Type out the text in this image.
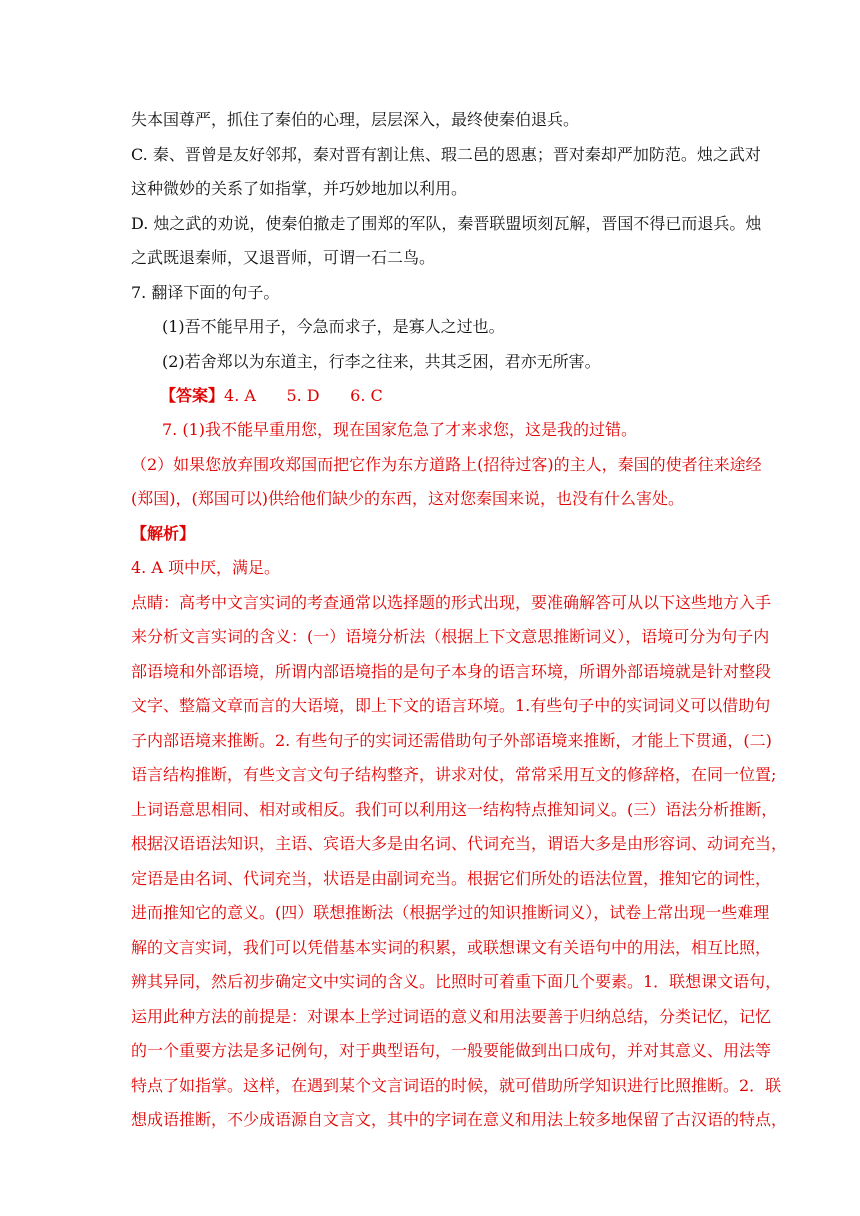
失本国尊严，抓住了秦伯的心理，层层深入，最终使秦伯退兵。
C. 秦、晋曾是友好邻邦，秦对晋有割让焦、瑕二邑的恩惠；晋对秦却严加防范。烛之武对
这种微妙的关系了如指掌，并巧妙地加以利用。
D. 烛之武的劝说，使秦伯撤走了围郑的军队，秦晋联盟顷刻瓦解，晋国不得已而退兵。烛
之武既退秦师，又退晋师，可谓一石二鸟。
7. 翻译下面的句子。
(1)吾不能早用子，今急而求子，是寡人之过也。
(2)若舍郑以为东道主，行李之往来，共其乏困，君亦无所害。
【答案】4. A      5. D      6. C
7. (1)我不能早重用您，现在国家危急了才来求您，这是我的过错。
（2）如果您放弃围攻郑国而把它作为东方道路上(招待过客)的主人，秦国的使者往来途经
(郑国)，(郑国可以)供给他们缺少的东西，这对您秦国来说，也没有什么害处。
【解析】
4. A 项中厌，满足。
点睛：高考中文言实词的考查通常以选择题的形式出现，要准确解答可从以下这些地方入手
来分析文言实词的含义：(一）语境分析法（根据上下文意思推断词义），语境可分为句子内
部语境和外部语境，所谓内部语境指的是句子本身的语言环境，所谓外部语境就是针对整段
文字、整篇文章而言的大语境，即上下文的语言环境。1.有些句子中的实词词义可以借助句
子内部语境来推断。2. 有些句子的实词还需借助句子外部语境来推断，才能上下贯通，(二)
语言结构推断，有些文言文句子结构整齐，讲求对仗，常常采用互文的修辞格，在同一位置;
上词语意思相同、相对或相反。我们可以利用这一结构特点推知词义。(三）语法分析推断，
根据汉语语法知识，主语、宾语大多是由名词、代词充当，谓语大多是由形容词、动词充当，
定语是由名词、代词充当，状语是由副词充当。根据它们所处的语法位置，推知它的词性，
进而推知它的意义。(四）联想推断法（根据学过的知识推断词义），试卷上常出现一些难理
解的文言实词，我们可以凭借基本实词的积累，或联想课文有关语句中的用法，相互比照，
辨其异同，然后初步确定文中实词的含义。比照时可着重下面几个要素。1．联想课文语句，
运用此种方法的前提是：对课本上学过词语的意义和用法要善于归纳总结，分类记忆，记忆
的一个重要方法是多记例句，对于典型语句，一般要能做到出口成句，并对其意义、用法等
特点了如指掌。这样，在遇到某个文言词语的时候，就可借助所学知识进行比照推断。2．联
想成语推断，不少成语源自文言文，其中的字词在意义和用法上较多地保留了古汉语的特点，
